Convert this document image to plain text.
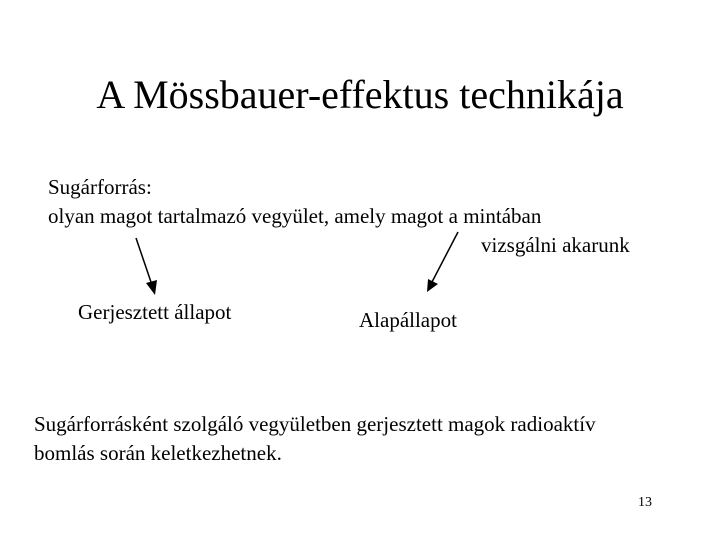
A Mössbauer-effektus technikája
Sugárforrás:
olyan magot tartalmazó vegyület, amely magot a mintában
vizsgálni akarunk
Gerjesztett állapot	Alapállapot
Sugárforrásként szolgáló vegyületben gerjesztett magok radioaktív
bomlás során keletkezhetnek.
13
